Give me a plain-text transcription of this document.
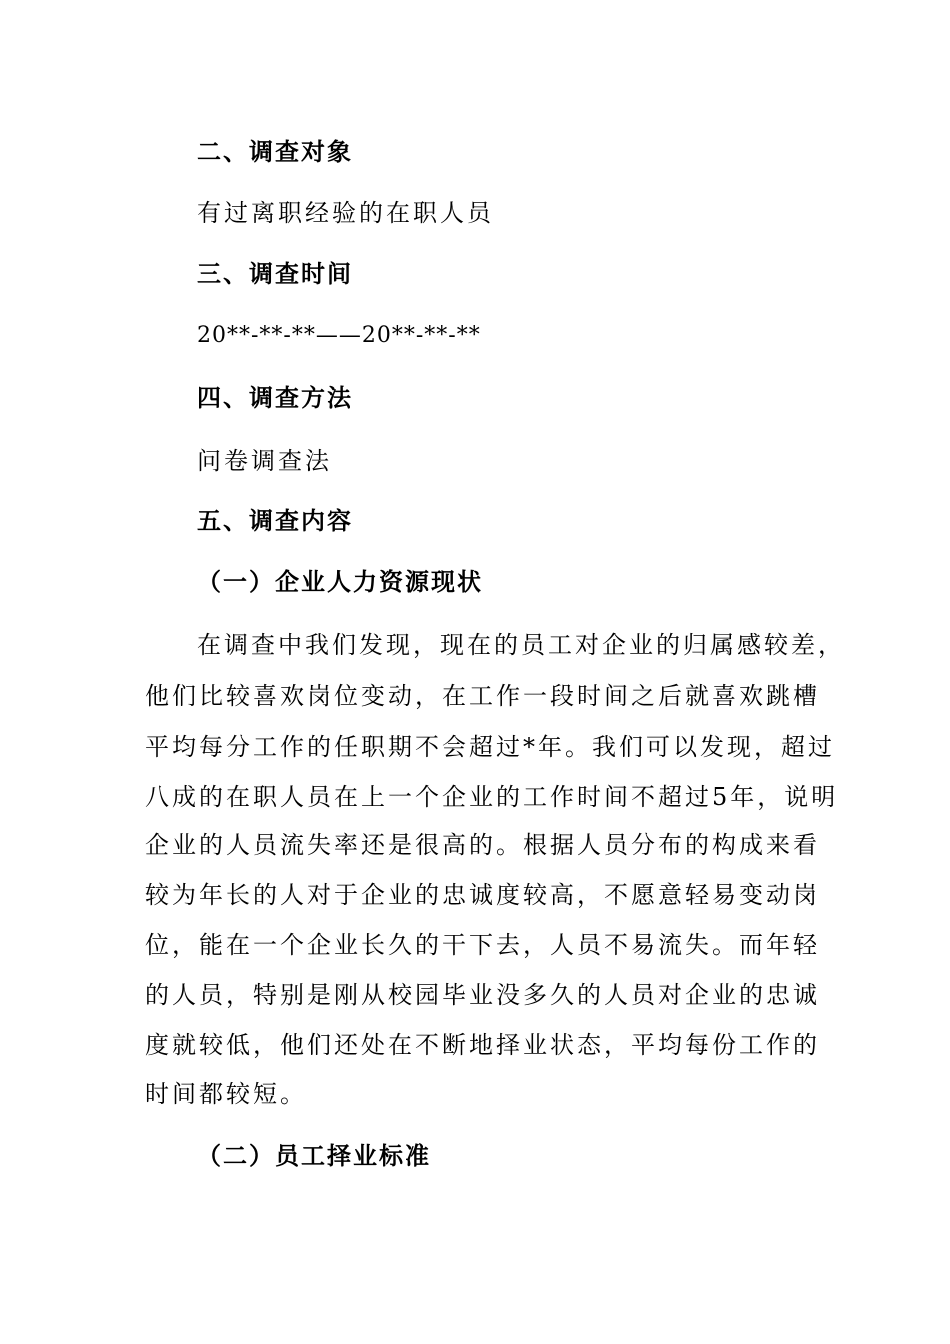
二、调查对象
有过离职经验的在职人员
三、调查时间
20**-**-**——20**-**-**
四、调查方法
问卷调查法
五、调查内容
（一）企业人力资源现状
在调查中我们发现，现在的员工对企业的归属感较差，
他们比较喜欢岗位变动，在工作一段时间之后就喜欢跳槽
平均每分工作的任职期不会超过*年。我们可以发现，超过
八成的在职人员在上一个企业的工作时间不超过5年，说明
企业的人员流失率还是很高的。根据人员分布的构成来看
较为年长的人对于企业的忠诚度较高，不愿意轻易变动岗
位，能在一个企业长久的干下去，人员不易流失。而年轻
的人员，特别是刚从校园毕业没多久的人员对企业的忠诚
度就较低，他们还处在不断地择业状态，平均每份工作的
时间都较短。
（二）员工择业标准
